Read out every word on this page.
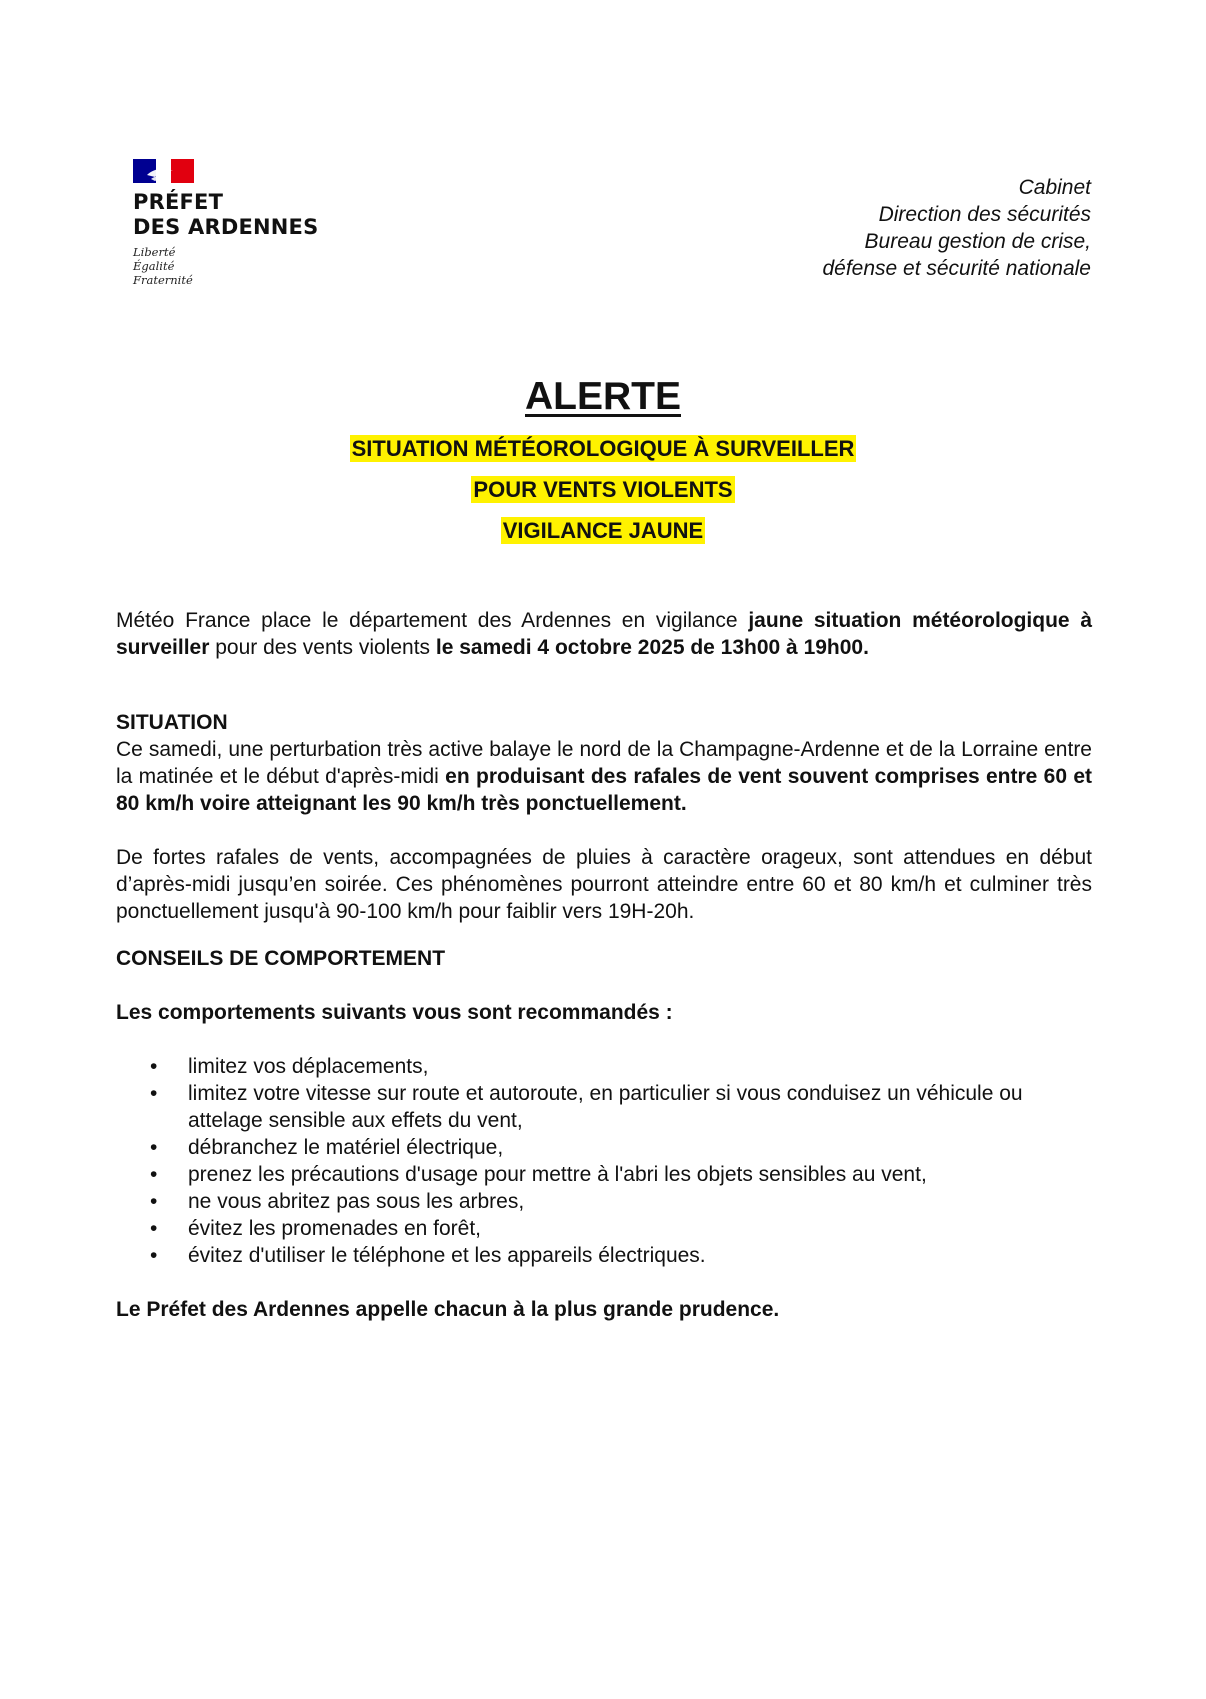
PRÉFET
DES ARDENNES
Liberté
Égalité
Fraternité
Cabinet
Direction des sécurités
Bureau gestion de crise,
défense et sécurité nationale
ALERTE
SITUATION MÉTÉOROLOGIQUE À SURVEILLER
POUR VENTS VIOLENTS
VIGILANCE JAUNE

Météo France place le département des Ardennes en vigilance jaune situation météorologique à surveiller pour des vents violents le samedi 4 octobre 2025 de 13h00 à 19h00.

SITUATION

Ce samedi, une perturbation très active balaye le nord de la Champagne-Ardenne et de la Lorraine entre la matinée et le début d'après-midi en produisant des rafales de vent souvent comprises entre 60 et 80 km/h voire atteignant les 90 km/h très ponctuellement.

De fortes rafales de vents, accompagnées de pluies à caractère orageux, sont attendues en début d’après-midi jusqu’en soirée. Ces phénomènes pourront atteindre entre 60 et 80 km/h et culminer très ponctuellement jusqu'à 90-100 km/h pour faiblir vers 19H-20h.

CONSEILS DE COMPORTEMENT

Les comportements suivants vous sont recommandés :

• limitez vos déplacements,
• limitez votre vitesse sur route et autoroute, en particulier si vous conduisez un véhicule ou attelage sensible aux effets du vent,
• débranchez le matériel électrique,
• prenez les précautions d'usage pour mettre à l'abri les objets sensibles au vent,
• ne vous abritez pas sous les arbres,
• évitez les promenades en forêt,
• évitez d'utiliser le téléphone et les appareils électriques.

Le Préfet des Ardennes appelle chacun à la plus grande prudence.
